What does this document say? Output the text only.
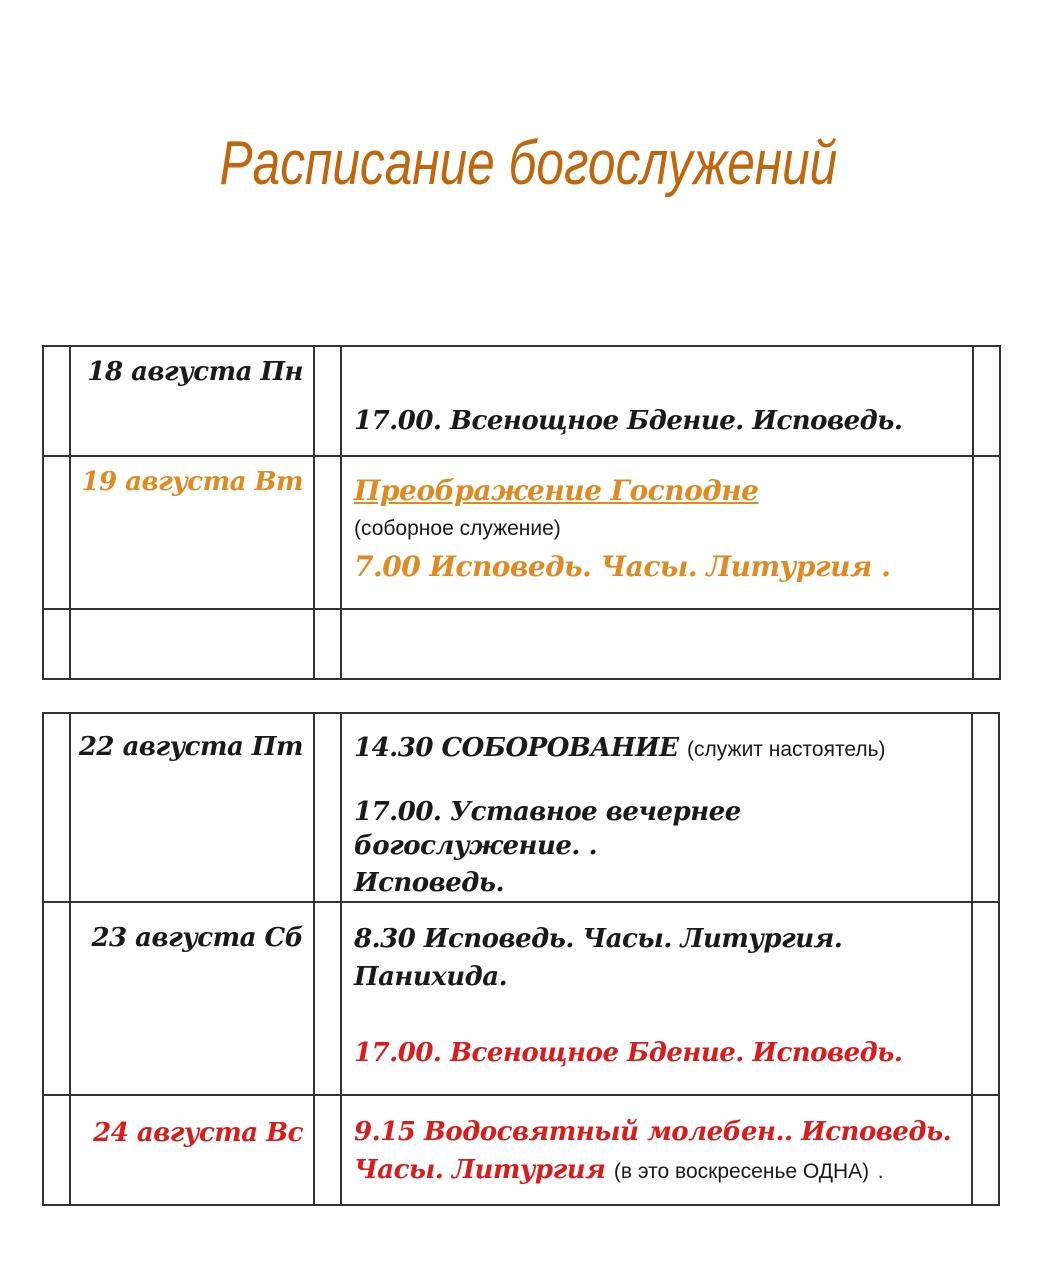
Расписание богослужений

	18 августа Пн		17.00. Всенощное Бдение. Исповедь.	

	19 августа Вт		Преображение Господне
(соборное служение)
7.00 Исповедь. Часы. Литургия .	

	22 августа Пт		14.30 СОБОРОВАНИЕ (служит настоятель)
17.00. Уставное вечернее богослужение. .
Исповедь.	

	23 августа Сб		8.30 Исповедь. Часы. Литургия.
Панихида.
17.00. Всенощное Бдение. Исповедь.	

	24 августа Вс		9.15 Водосвятный молебен.. Исповедь.
Часы. Литургия (в это воскресенье ОДНА) .	
